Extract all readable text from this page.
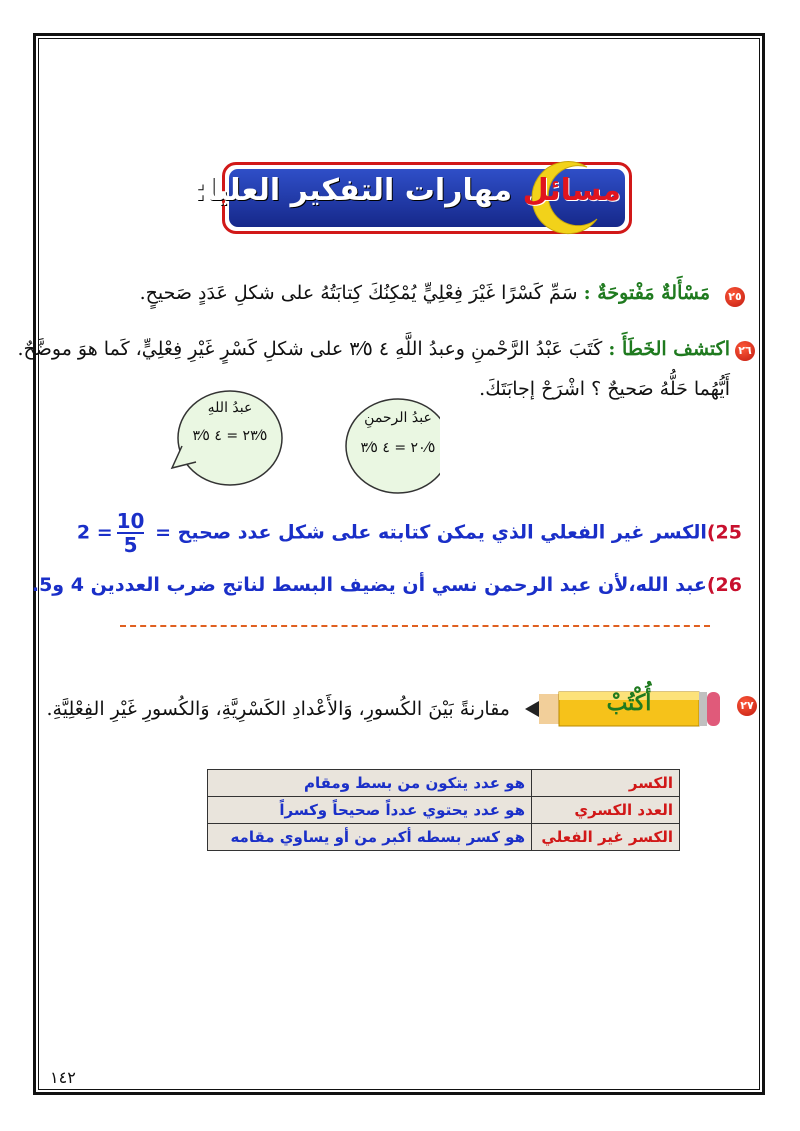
مسائل مهارات التفكير العليا:
٢٥
مَسْأَلةٌ مَفْتوحَةٌ : سَمِّ كَسْرًا غَيْرَ فِعْلِيٍّ يُمْكِنُكَ كِتابَتُهُ على شكلِ عَدَدٍ صَحيحٍ.
٢٦
اكتشف الخَطَأَ : كَتَبَ عَبْدُ الرَّحْمنِ وعبدُ اللَّهِ ٤ ٣⁄٥ على شكلِ كَسْرٍ غَيْرِ فِعْلِيٍّ، كَما هوَ موضَّحٌ.
أَيُّهُما حَلُّهُ صَحيحٌ ؟ اشْرَحْ إجابَتَكَ.
عبدُ اللهِ
٢٣⁄٥ = ٤ ٣⁄٥
عبدُ الرحمنِ
٢٠⁄٥ = ٤ ٣⁄٥
25)الكسر غير الفعلي الذي يمكن كتابته على شكل عدد صحيح =
$\frac{10}{5}$
= 2
26)عبد الله،لأن عبد الرحمن نسي أن يضيف البسط لناتج ضرب العددين 4 و5.
٢٧
أُكْتُبْ
مقارنةً بَيْنَ الكُسورِ، وَالأَعْدادِ الكَسْرِيَّةِ، وَالكُسورِ غَيْرِ الفِعْلِيَّةِ.
الكسر	هو عدد يتكون من بسط ومقام
العدد الكسري	هو عدد يحتوي عدداً صحيحاً وكسراً
الكسر غير الفعلي	هو كسر بسطه أكبر من أو يساوي مقامه
١٤٢
